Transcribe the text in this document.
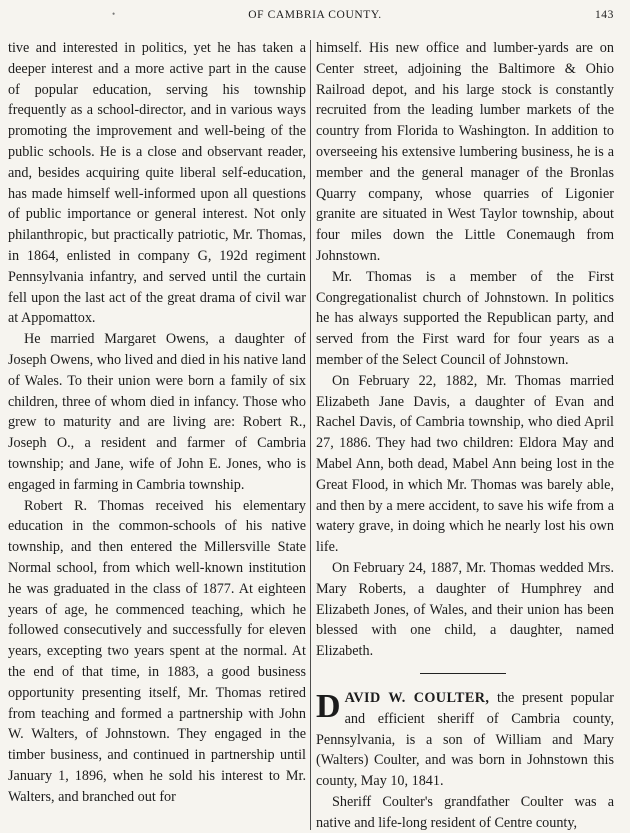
•	OF CAMBRIA COUNTY.	143

tive and interested in politics, yet he has taken a deeper interest and a more active part in the cause of popular education, serving his township frequently as a school-director, and in various ways promoting the improvement and well-being of the public schools. He is a close and observant reader, and, besides acquiring quite liberal self-education, has made himself well-informed upon all questions of public importance or general interest. Not only philanthropic, but practically patriotic, Mr. Thomas, in 1864, enlisted in company G, 192d regiment Pennsylvania infantry, and served until the curtain fell upon the last act of the great drama of civil war at Appomattox.

He married Margaret Owens, a daughter of Joseph Owens, who lived and died in his native land of Wales. To their union were born a family of six children, three of whom died in infancy. Those who grew to maturity and are living are: Robert R., Joseph O., a resident and farmer of Cambria township; and Jane, wife of John E. Jones, who is engaged in farming in Cambria township.

Robert R. Thomas received his elementary education in the common-schools of his native township, and then entered the Millersville State Normal school, from which well-known institution he was graduated in the class of 1877. At eighteen years of age, he commenced teaching, which he followed consecutively and successfully for eleven years, excepting two years spent at the normal. At the end of that time, in 1883, a good business opportunity presenting itself, Mr. Thomas retired from teaching and formed a partnership with John W. Walters, of Johnstown. They engaged in the timber business, and continued in partnership until January 1, 1896, when he sold his interest to Mr. Walters, and branched out for

himself. His new office and lumber-yards are on Center street, adjoining the Baltimore & Ohio Railroad depot, and his large stock is constantly recruited from the leading lumber markets of the country from Florida to Washington. In addition to overseeing his extensive lumbering business, he is a member and the general manager of the Bronlas Quarry company, whose quarries of Ligonier granite are situated in West Taylor township, about four miles down the Little Conemaugh from Johnstown.

Mr. Thomas is a member of the First Congregationalist church of Johnstown. In politics he has always supported the Republican party, and served from the First ward for four years as a member of the Select Council of Johnstown.

On February 22, 1882, Mr. Thomas married Elizabeth Jane Davis, a daughter of Evan and Rachel Davis, of Cambria township, who died April 27, 1886. They had two children: Eldora May and Mabel Ann, both dead, Mabel Ann being lost in the Great Flood, in which Mr. Thomas was barely able, and then by a mere accident, to save his wife from a watery grave, in doing which he nearly lost his own life.

On February 24, 1887, Mr. Thomas wedded Mrs. Mary Roberts, a daughter of Humphrey and Elizabeth Jones, of Wales, and their union has been blessed with one child, a daughter, named Elizabeth.

DAVID W. COULTER, the present popular and efficient sheriff of Cambria county, Pennsylvania, is a son of William and Mary (Walters) Coulter, and was born in Johnstown this county, May 10, 1841.

Sheriff Coulter's grandfather Coulter was a native and life-long resident of Centre county,
